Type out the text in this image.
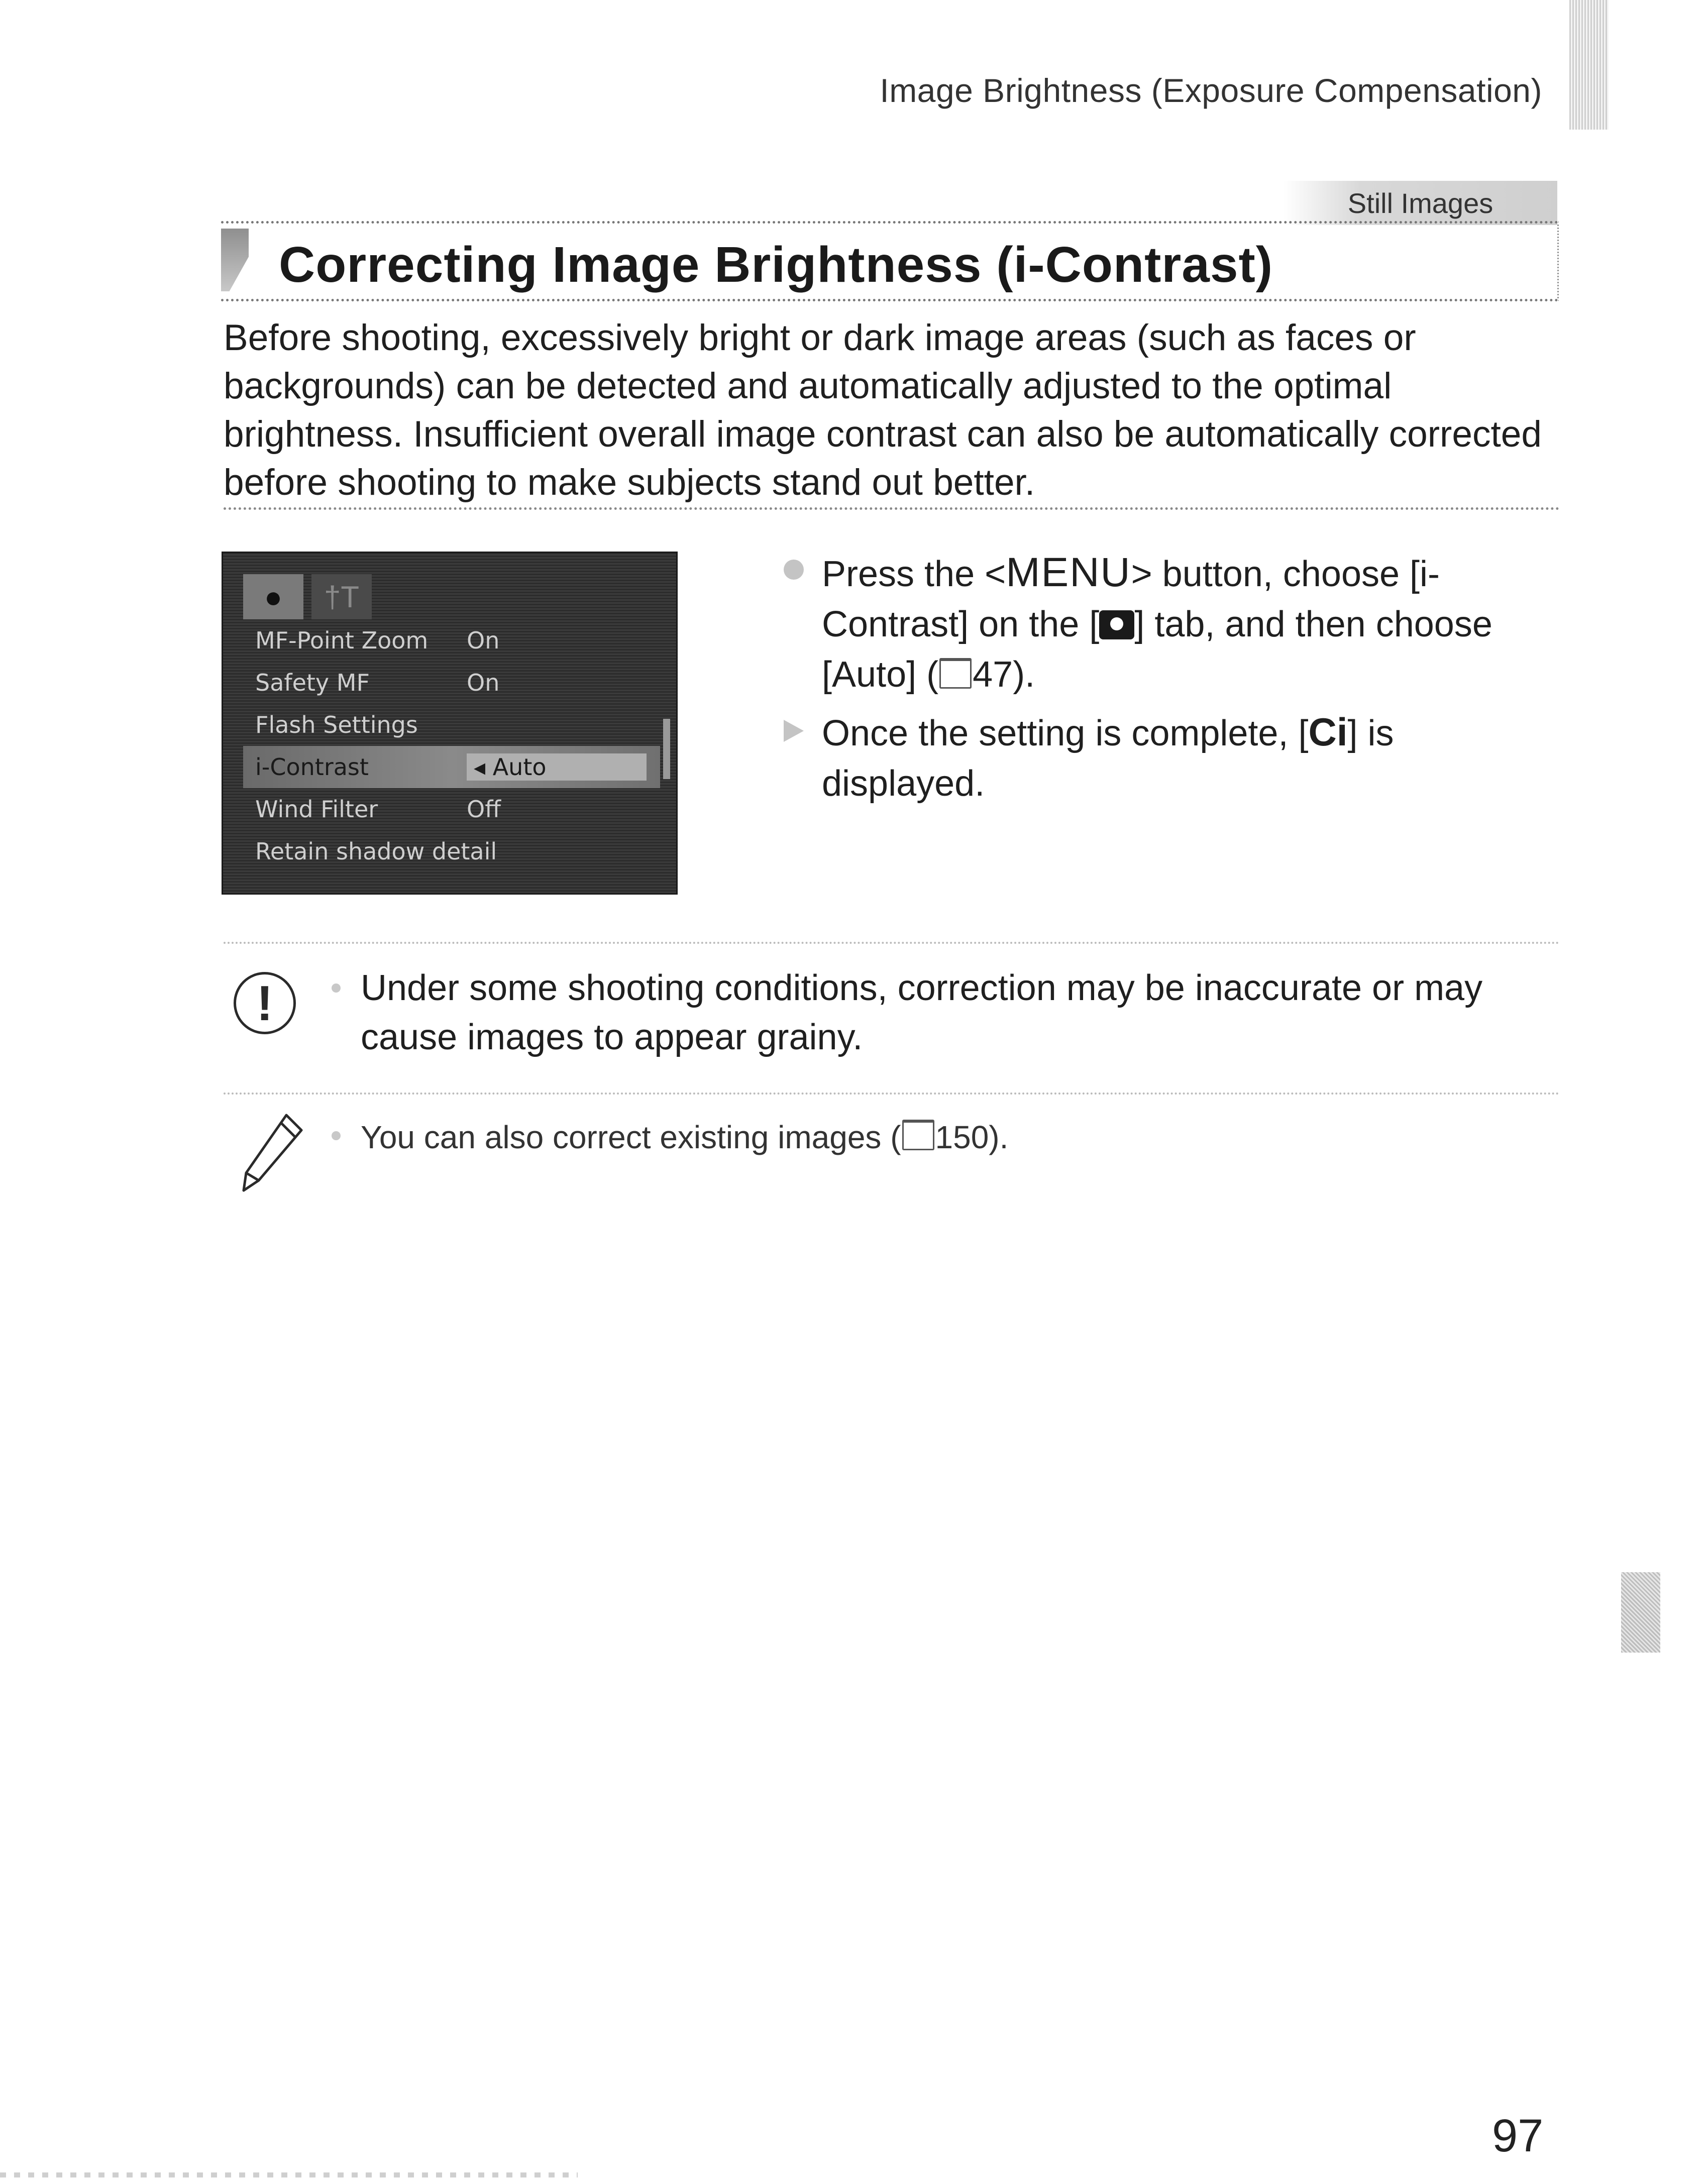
Image Brightness (Exposure Compensation)
Still Images
Correcting Image Brightness (i-Contrast)

Before shooting, excessively bright or dark image areas (such as faces or backgrounds) can be detected and automatically adjusted to the optimal brightness. Insufficient overall image contrast can also be automatically corrected before shooting to make subjects stand out better.

●	†T
MF-Point Zoom On
Safety MF	On
Flash Settings
i-Contrast	◂ Auto
Wind Filter	Off
Retain shadow detail
Press the <MENU> button, choose [i-Contrast] on the [ ] tab, and then choose [Auto] ( 47).
Once the setting is complete, [Ci] is displayed.
!	Under some shooting conditions, correction may be inaccurate or may cause images to appear grainy.
You can also correct existing images ( 150).
97
